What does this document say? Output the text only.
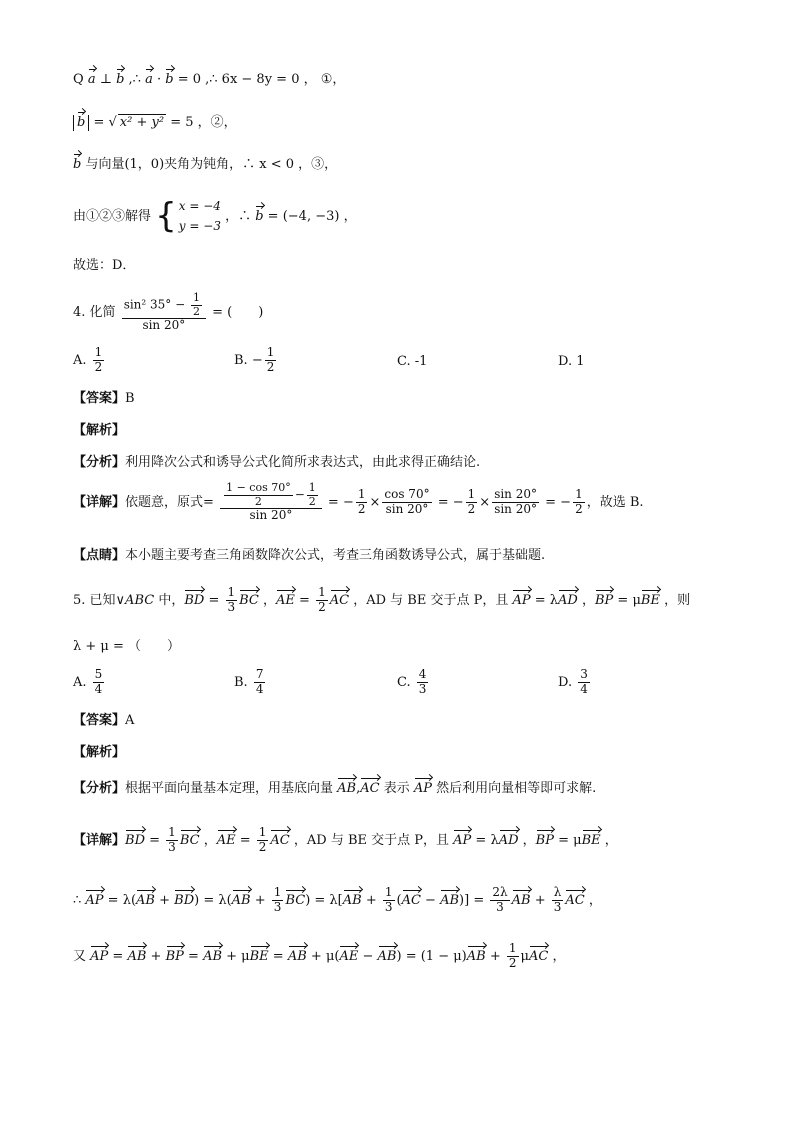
Q a ⊥ b ,∴ a · b = 0 ,∴ 6x − 8y = 0 ， ①，
b = √ x² + y² = 5 ，②，
b 与向量(1，0)夹角为钝角，∴ x < 0 ，③，
由①②③解得 { x = −4
y = −3
，∴ b = (−4, −3) ，
故选：D．
4. 化简 $\frac{\sin^2 35^\circ - \frac{1}{2}}{\sin 20^\circ}$ = (　　)
A. $\frac{1}{2}$	B. − $\frac{1}{2}$	C. -1	D. 1
【答案】B
【解析】
【分析】利用降次公式和诱导公式化简所求表达式，由此求得正确结论.
【详解】依题意，原式= $\frac{\frac{1 - \cos 70^\circ}{2} - \frac{1}{2}}{\sin 20^\circ}$ = − $\frac{1}{2} \times \frac{\cos 70^\circ}{\sin 20^\circ}$ = − $\frac{1}{2} \times \frac{\sin 20^\circ}{\sin 20^\circ}$ = − $\frac{1}{2}$ ，故选 B.
【点睛】本小题主要考查三角函数降次公式，考查三角函数诱导公式，属于基础题.
5. 已知∨ABC 中，BD = $\frac{1}{3}$ BC ，AE = $\frac{1}{2}$ AC ，AD 与 BE 交于点 P，且 AP = λAD ，BP = μBE ，则
λ + μ = （　　）
A. $\frac{5}{4}$	B. $\frac{7}{4}$	C. $\frac{4}{3}$	D. $\frac{3}{4}$
【答案】A
【解析】
【分析】根据平面向量基本定理，用基底向量 AB,AC 表示 AP 然后利用向量相等即可求解.
【详解】BD = $\frac{1}{3}$ BC ，AE = $\frac{1}{2}$ AC ，AD 与 BE 交于点 P，且 AP = λAD ，BP = μBE ，
∴ AP = $\lambda(AB + BD) = \lambda(AB + \frac{1}{3} BC) = \lambda[AB + \frac{1}{3} (AC - AB)] = \frac{2\lambda}{3}$ AB + $\frac{\lambda}{3}$ AC ，
又 AP = AB + BP = AB + μBE = AB + $\mu(AE - AB) = (1 - \mu)AB + \frac{1}{2}$ μAC ，
